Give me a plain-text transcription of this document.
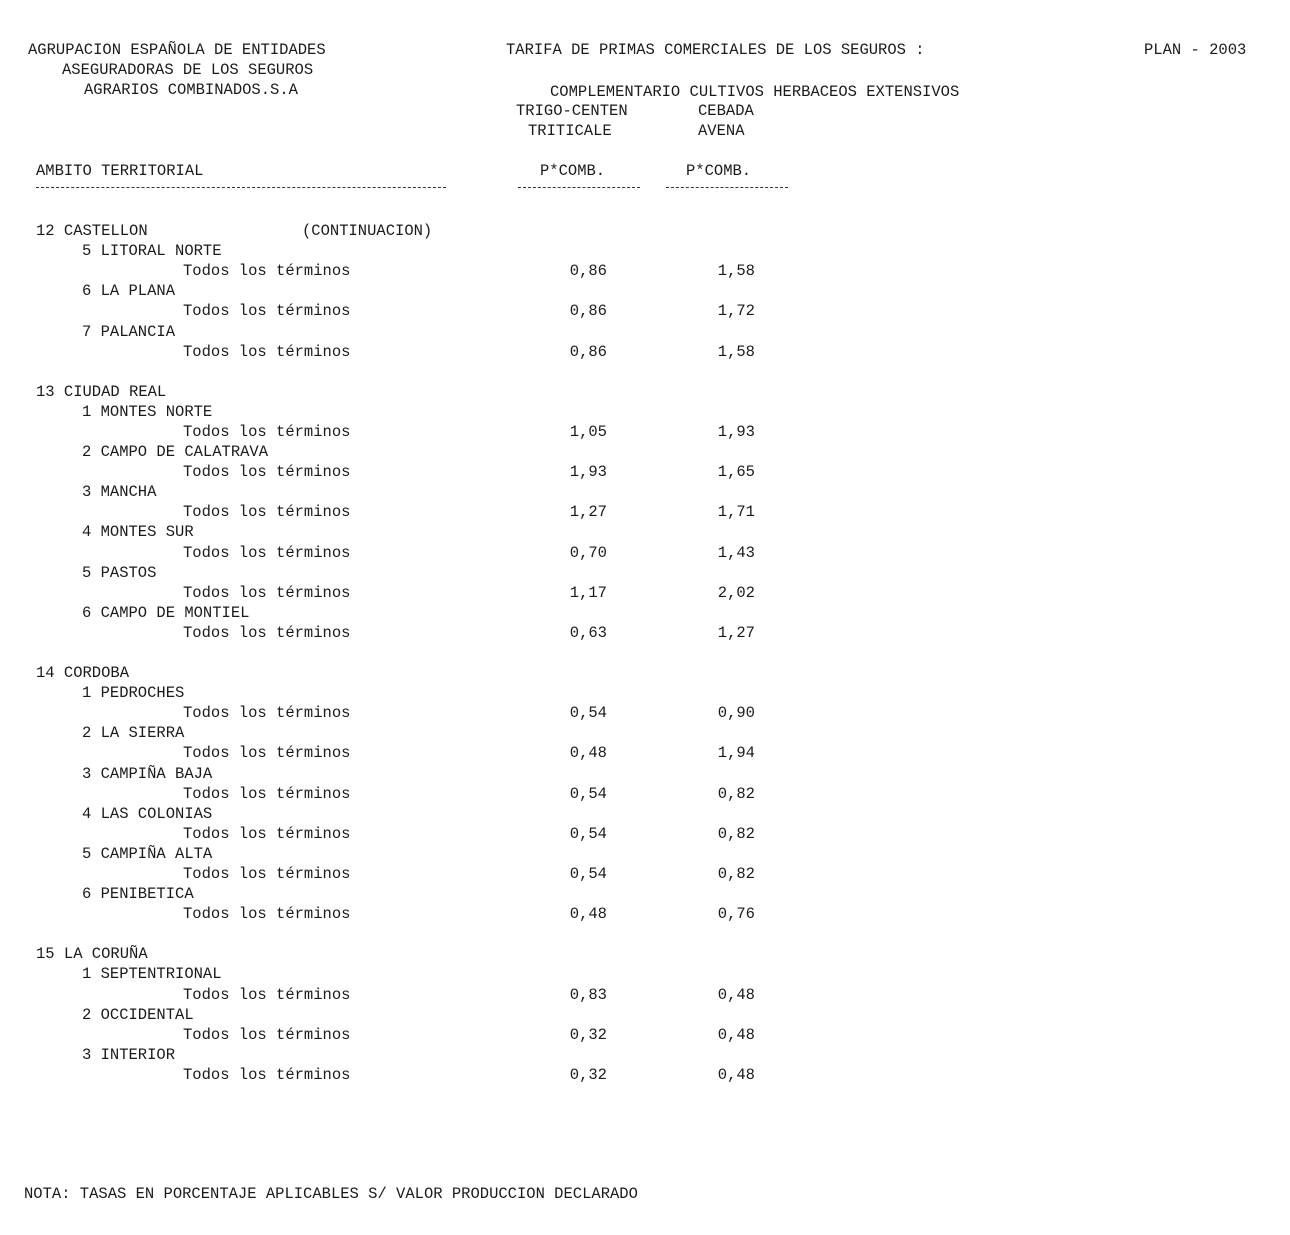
AGRUPACION ESPAÑOLA DE ENTIDADES
ASEGURADORAS DE LOS SEGUROS
AGRARIOS COMBINADOS.S.A
TARIFA DE PRIMAS COMERCIALES DE LOS SEGUROS :	PLAN - 2003
COMPLEMENTARIO CULTIVOS HERBACEOS EXTENSIVOS
TRIGO-CENTEN
TRITICALE
CEBADA
AVENA
AMBITO TERRITORIAL	P*COMB.	P*COMB.
12 CASTELLON	(CONTINUACION)
5 LITORAL NORTE
Todos los términos	0,86	1,58
6 LA PLANA
Todos los términos	0,86	1,72
7 PALANCIA
Todos los términos	0,86	1,58
13 CIUDAD REAL
1 MONTES NORTE
Todos los términos	1,05	1,93
2 CAMPO DE CALATRAVA
Todos los términos	1,93	1,65
3 MANCHA
Todos los términos	1,27	1,71
4 MONTES SUR
Todos los términos	0,70	1,43
5 PASTOS
Todos los términos	1,17	2,02
6 CAMPO DE MONTIEL
Todos los términos	0,63	1,27
14 CORDOBA
1 PEDROCHES
Todos los términos	0,54	0,90
2 LA SIERRA
Todos los términos	0,48	1,94
3 CAMPIÑA BAJA
Todos los términos	0,54	0,82
4 LAS COLONIAS
Todos los términos	0,54	0,82
5 CAMPIÑA ALTA
Todos los términos	0,54	0,82
6 PENIBETICA
Todos los términos	0,48	0,76
15 LA CORUÑA
1 SEPTENTRIONAL
Todos los términos	0,83	0,48
2 OCCIDENTAL
Todos los términos	0,32	0,48
3 INTERIOR
Todos los términos	0,32	0,48
NOTA: TASAS EN PORCENTAJE APLICABLES S/ VALOR PRODUCCION DECLARADO
